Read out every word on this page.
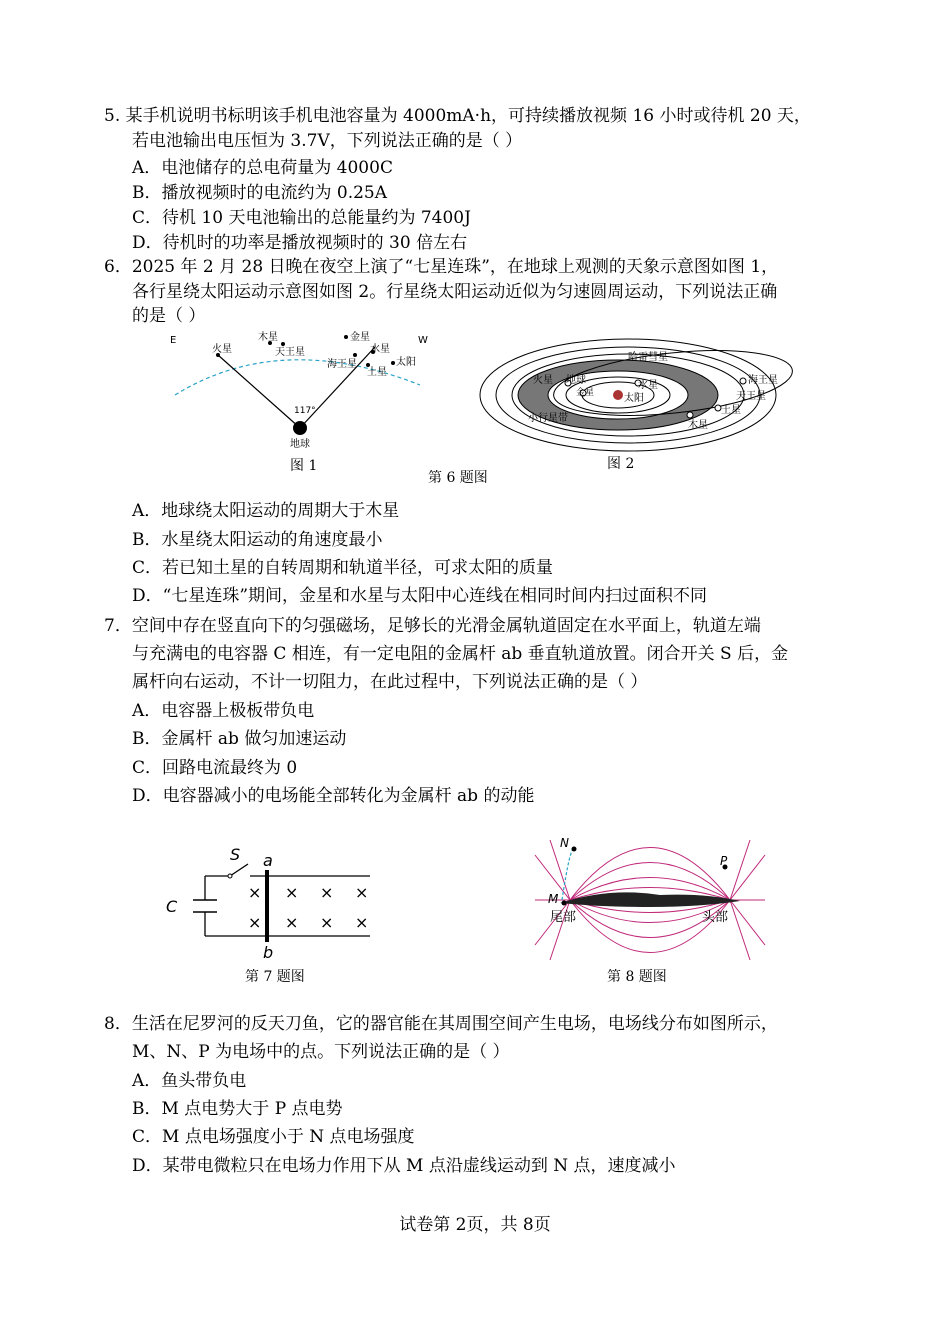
5. 某手机说明书标明该手机电池容量为 4000mA·h，可持续播放视频 16 小时或待机 20 天，
若电池输出电压恒为 3.7V，下列说法正确的是（ ）
A．电池储存的总电荷量为 4000C
B．播放视频时的电流约为 0.25A
C．待机 10 天电池输出的总能量约为 7400J
D．待机时的功率是播放视频时的 30 倍左右
6．2025 年 2 月 28 日晚在夜空上演了“七星连珠”，在地球上观测的天象示意图如图 1，
各行星绕太阳运动示意图如图 2。行星绕太阳运动近似为匀速圆周运动，下列说法正确
的是（ ）
E	W
火星
木星
天王星
金星
水星
海王星
土星
太阳
117°
地球
图 1
哈雷彗星
火星 地球
金星
水星
太阳
小行星带
海王星
天王星
土星
木星
图 2
第 6 题图
A．地球绕太阳运动的周期大于木星
B．水星绕太阳运动的角速度最小
C．若已知土星的自转周期和轨道半径，可求太阳的质量
D．“七星连珠”期间，金星和水星与太阳中心连线在相同时间内扫过面积不同
7．空间中存在竖直向下的匀强磁场，足够长的光滑金属轨道固定在水平面上，轨道左端
与充满电的电容器 C 相连，有一定电阻的金属杆 ab 垂直轨道放置。闭合开关 S 后，金
属杆向右运动，不计一切阻力，在此过程中，下列说法正确的是（ ）
A．电容器上极板带负电
B．金属杆 ab 做匀加速运动
C．回路电流最终为 0
D．电容器减小的电场能全部转化为金属杆 ab 的动能
× × × ×
× × × ×
S a
b
C
第 7 题图
N
P
M
尾部	头部
第 8 题图
8．生活在尼罗河的反天刀鱼，它的器官能在其周围空间产生电场，电场线分布如图所示，
M、N、P 为电场中的点。下列说法正确的是（ ）
A．鱼头带负电
B．M 点电势大于 P 点电势
C．M 点电场强度小于 N 点电场强度
D．某带电微粒只在电场力作用下从 M 点沿虚线运动到 N 点，速度减小
试卷第 2页，共 8页
